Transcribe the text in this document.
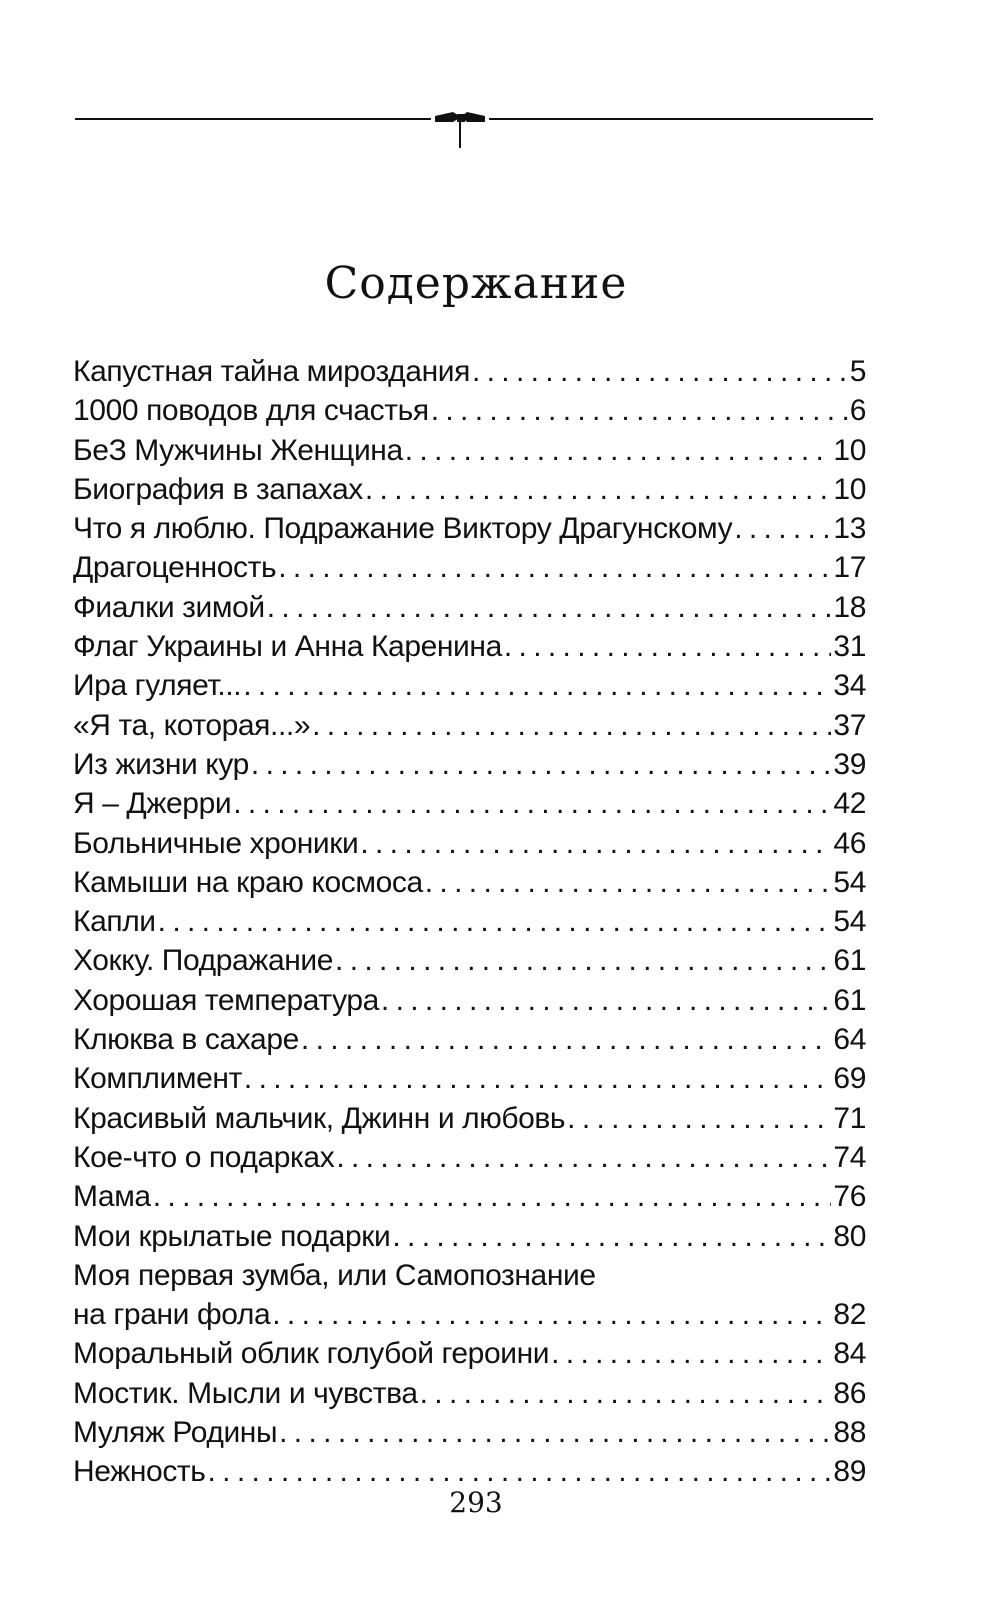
Содержание
Капустная тайна мироздания . . .	5
1000 поводов для счастья . . .	6
БеЗ Мужчины Женщина . . .	10
Биография в запахах . . .	10
Что я люблю. Подражание Виктору Драгунскому . . .	13
Драгоценность . . .	17
Фиалки зимой . . .	18
Флаг Украины и Анна Каренина . . .	31
Ира гуляет... . . .	34
«Я та, которая...» . . .	37
Из жизни кур . . .	39
Я – Джерри . . .	42
Больничные хроники . . .	46
Камыши на краю космоса . . .	54
Капли . . .	54
Хокку. Подражание . . .	61
Хорошая температура . . .	61
Клюква в сахаре . . .	64
Комплимент . . .	69
Красивый мальчик, Джинн и любовь . . .	71
Кое-что о подарках . . .	74
Мама . . .	76
Мои крылатые подарки . . .	80
Моя первая зумба, или Самопознание
на грани фола . . .	82
Моральный облик голубой героини . . .	84
Мостик. Мысли и чувства . . .	86
Муляж Родины . . .	88
Нежность . . .	89
293
